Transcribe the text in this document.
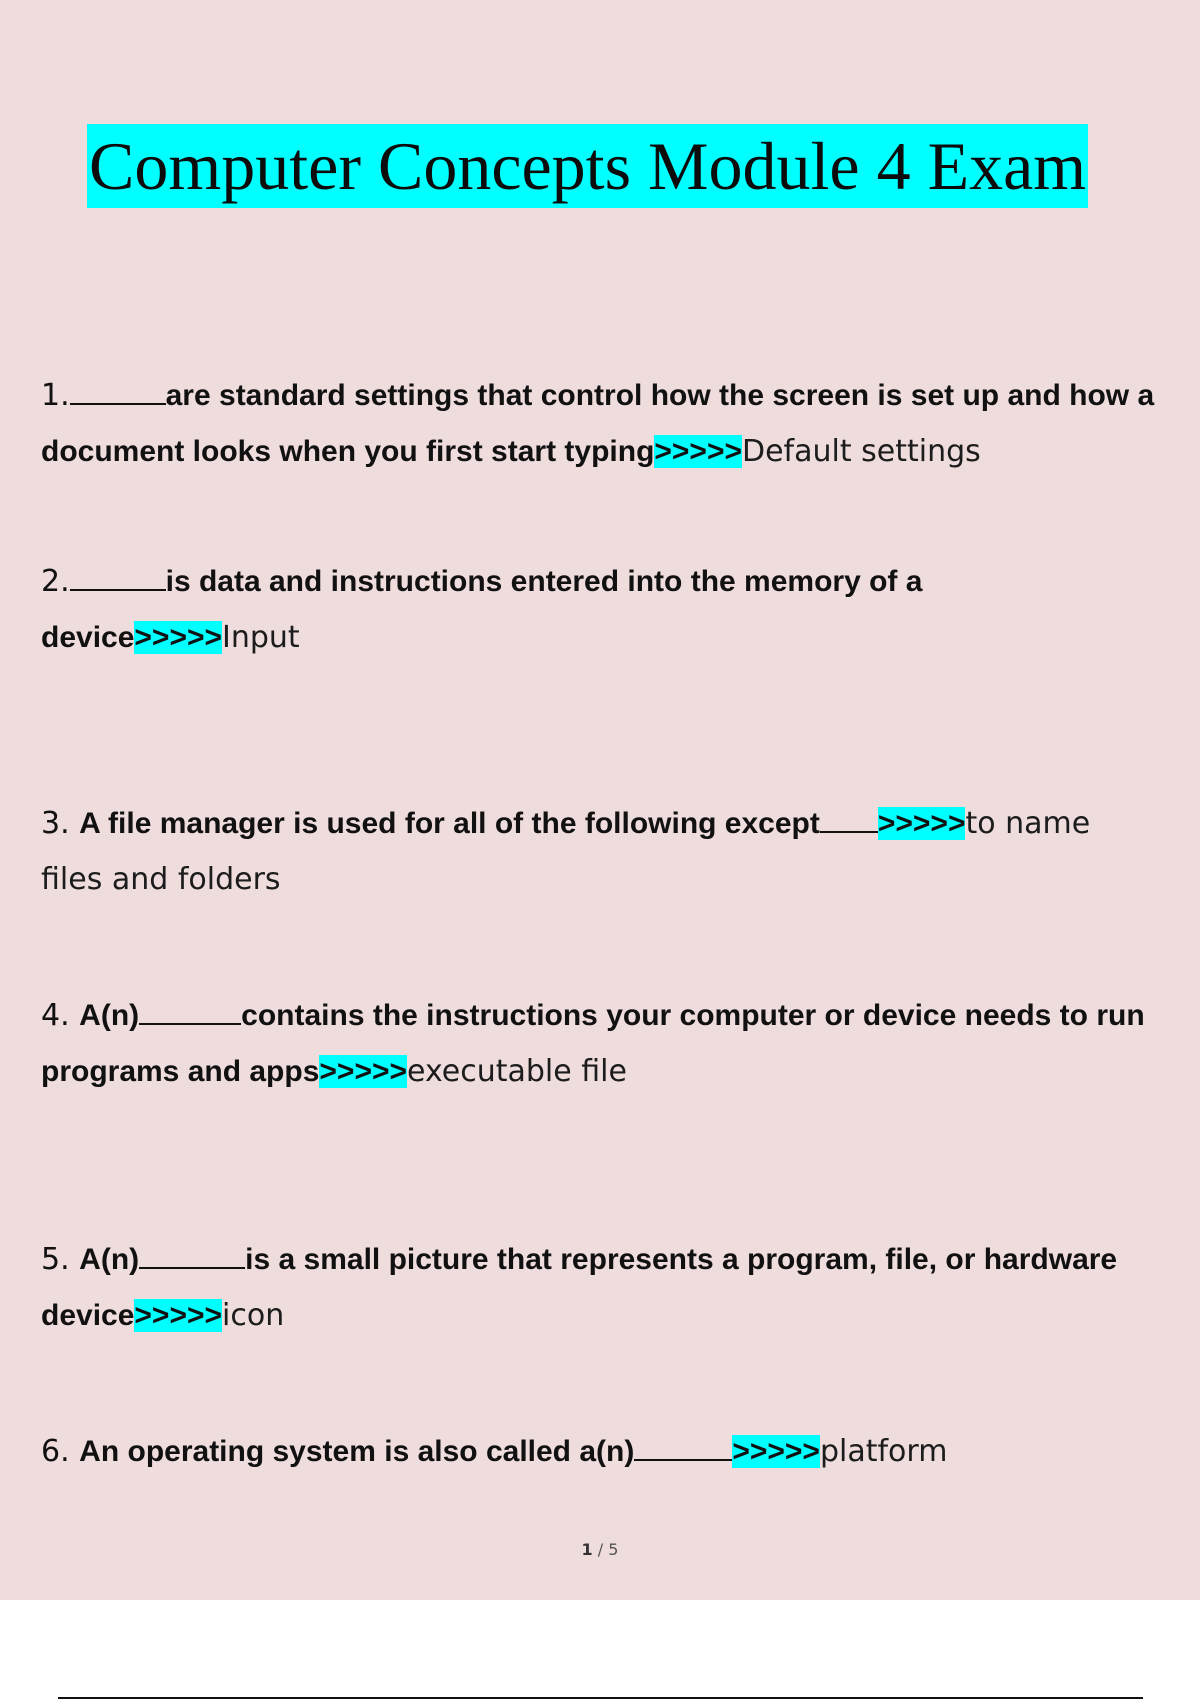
Computer Concepts Module 4 Exam
1.	are standard settings that control how the screen is set up and how a document looks when you first start typing>>>>>Default settings
2.	is data and instructions entered into the memory of a device>>>>>Input
3. A file manager is used for all of the following except >>>>>to name files and folders
4. A(n)	contains the instructions your computer or device needs to run programs and apps>>>>>executable file
5. A(n)	is a small picture that represents a program, file, or hardware device>>>>>icon
6. An operating system is also called a(n)	>>>>>platform
1 / 5
